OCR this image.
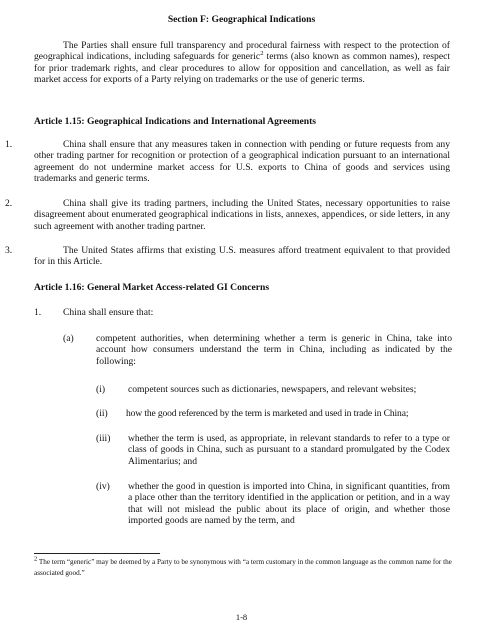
Section F: Geographical Indications
The Parties shall ensure full transparency and procedural fairness with respect to the protection of geographical indications, including safeguards for generic$^2$ terms (also known as common names), respect for prior trademark rights, and clear procedures to allow for opposition and cancellation, as well as fair market access for exports of a Party relying on trademarks or the use of generic terms.
Article 1.15: Geographical Indications and International Agreements
1.	China shall ensure that any measures taken in connection with pending or future requests from any other trading partner for recognition or protection of a geographical indication pursuant to an international agreement do not undermine market access for U.S. exports to China of goods and services using trademarks and generic terms.
2.	China shall give its trading partners, including the United States, necessary opportunities to raise disagreement about enumerated geographical indications in lists, annexes, appendices, or side letters, in any such agreement with another trading partner.
3.	The United States affirms that existing U.S. measures afford treatment equivalent to that provided for in this Article.
Article 1.16: General Market Access-related GI Concerns
1. China shall ensure that:
(a) competent authorities, when determining whether a term is generic in China, take into account how consumers understand the term in China, including as indicated by the following:
(i) competent sources such as dictionaries, newspapers, and relevant websites;
(ii) how the good referenced by the term is marketed and used in trade in China;
(iii) whether the term is used, as appropriate, in relevant standards to refer to a type or class of goods in China, such as pursuant to a standard promulgated by the Codex Alimentarius; and
(iv) whether the good in question is imported into China, in significant quantities, from a place other than the territory identified in the application or petition, and in a way that will not mislead the public about its place of origin, and whether those imported goods are named by the term, and
$^2$ The term “generic” may be deemed by a Party to be synonymous with “a term customary in the common language as the common name for the associated good.”
1-8
